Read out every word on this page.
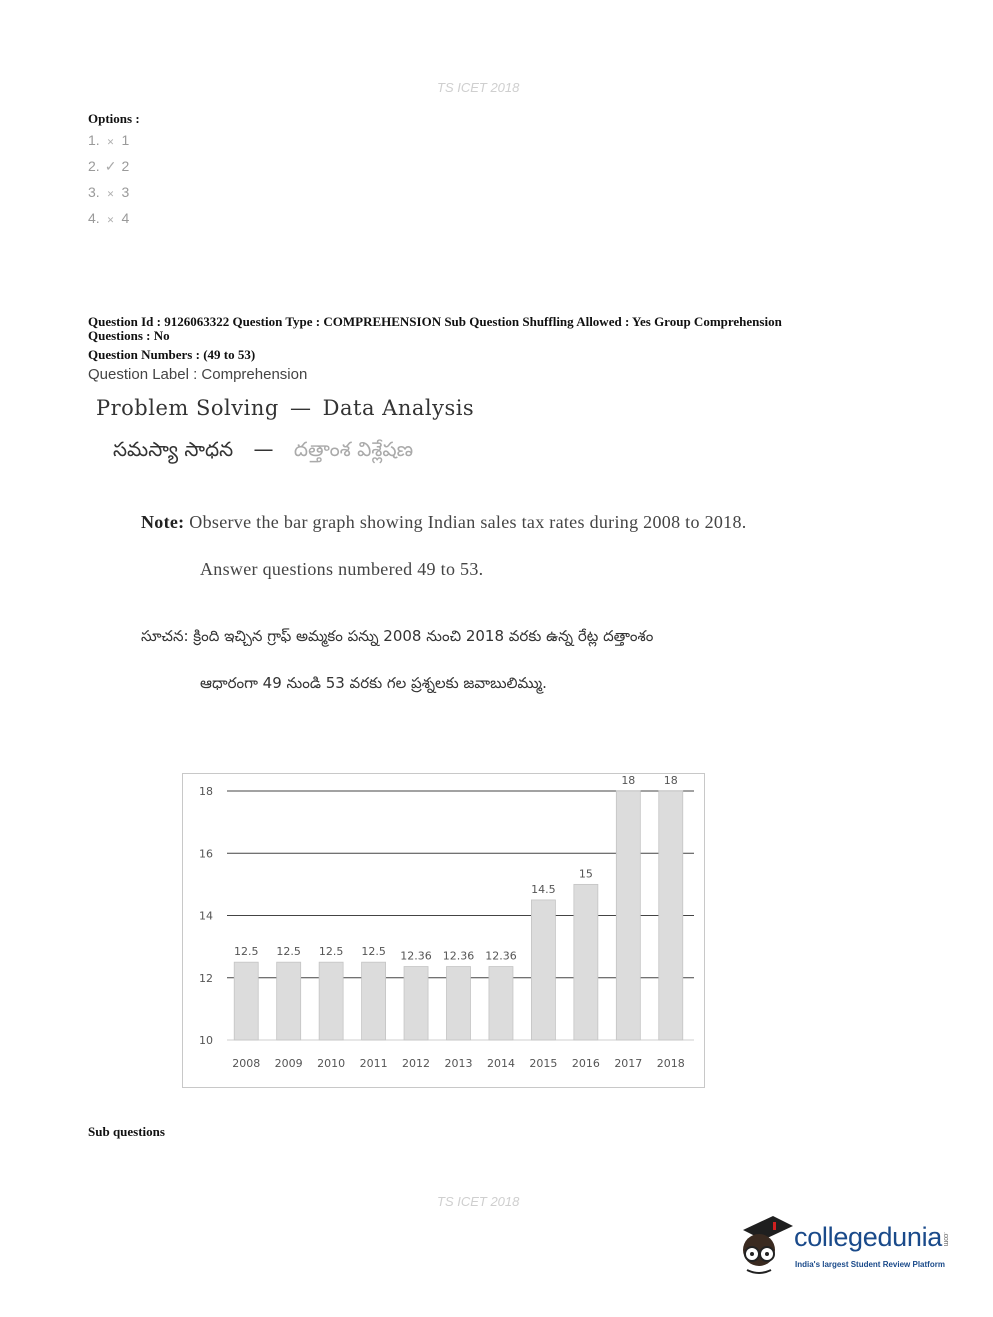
TS ICET 2018
Options :
1. ✕ 1
2. ✓ 2
3. ✕ 3
4. ✕ 4
Question Id : 9126063322 Question Type : COMPREHENSION Sub Question Shuffling Allowed : Yes Group Comprehension
Questions : No
Question Numbers : (49 to 53)
Question Label : Comprehension
Problem Solving — Data Analysis
సమస్యా సాధన — దత్తాంశ విశ్లేషణ
Note: Observe the bar graph showing Indian sales tax rates during 2008 to 2018.
Answer questions numbered 49 to 53.
సూచన: క్రింది ఇచ్చిన గ్రాఫ్ అమ్మకం పన్ను 2008 నుంచి 2018 వరకు ఉన్న రేట్ల దత్తాంశం
ఆధారంగా 49 నుండి 53 వరకు గల ప్రశ్నలకు జవాబులిమ్ము.
10
12
14
16
18
12.5
2008
12.5
2009
12.5
2010
12.5
2011
12.36
2012
12.36
2013
12.36
2014
14.5
2015
15
2016
18
2017
18
2018
Sub questions
TS ICET 2018
collegedunia.com
India's largest Student Review Platform
